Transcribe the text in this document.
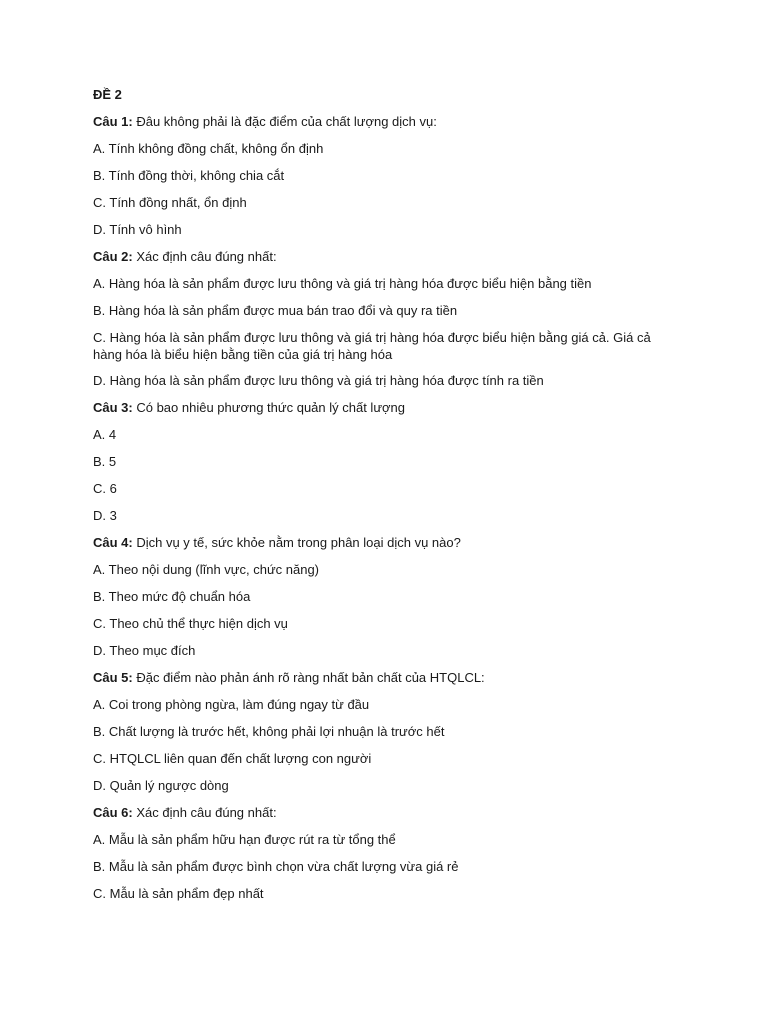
ĐỀ 2
Câu 1: Đâu không phải là đặc điểm của chất lượng dịch vụ:
A. Tính không đồng chất, không ổn định
B. Tính đồng thời, không chia cắt
C. Tính đồng nhất, ổn định
D. Tính vô hình
Câu 2: Xác định câu đúng nhất:
A. Hàng hóa là sản phẩm được lưu thông và giá trị hàng hóa được biểu hiện bằng tiền
B. Hàng hóa là sản phẩm được mua bán trao đổi và quy ra tiền
C. Hàng hóa là sản phẩm được lưu thông và giá trị hàng hóa được biểu hiện bằng giá cả. Giá cả hàng hóa là biểu hiện bằng tiền của giá trị hàng hóa
D. Hàng hóa là sản phẩm được lưu thông và giá trị hàng hóa được tính ra tiền
Câu 3: Có bao nhiêu phương thức quản lý chất lượng
A. 4
B. 5
C. 6
D. 3
Câu 4: Dịch vụ y tế, sức khỏe nằm trong phân loại dịch vụ nào?
A. Theo nội dung (lĩnh vực, chức năng)
B. Theo mức độ chuẩn hóa
C. Theo chủ thể thực hiện dịch vụ
D. Theo mục đích
Câu 5: Đặc điểm nào phản ánh rõ ràng nhất bản chất của HTQLCL:
A. Coi trong phòng ngừa, làm đúng ngay từ đầu
B. Chất lượng là trước hết, không phải lợi nhuận là trước hết
C. HTQLCL liên quan đến chất lượng con người
D. Quản lý ngược dòng
Câu 6: Xác định câu đúng nhất:
A. Mẫu là sản phẩm hữu hạn được rút ra từ tổng thể
B. Mẫu là sản phẩm được bình chọn vừa chất lượng vừa giá rẻ
C. Mẫu là sản phẩm đẹp nhất
